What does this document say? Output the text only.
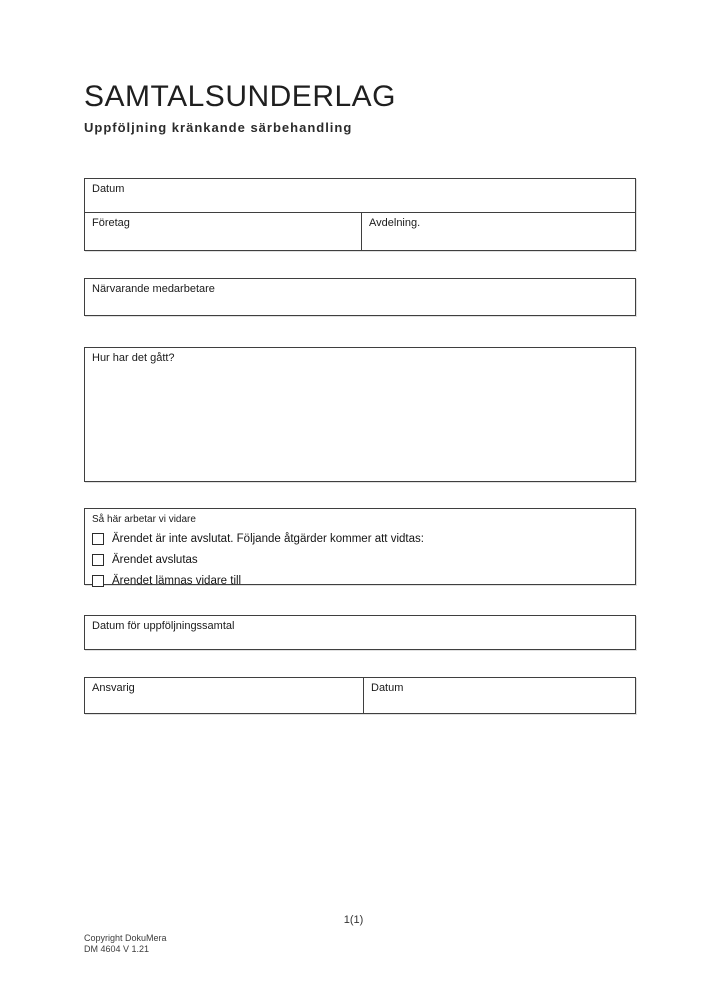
SAMTALSUNDERLAG
Uppföljning kränkande särbehandling
Datum
Företag	Avdelning.
Närvarande medarbetare
Hur har det gått?
Så här arbetar vi vidare
Ärendet är inte avslutat. Följande åtgärder kommer att vidtas:
Ärendet avslutas
Ärendet lämnas vidare till
Datum för uppföljningssamtal
Ansvarig	Datum
1(1)
Copyright DokuMera
DM 4604 V 1.21
